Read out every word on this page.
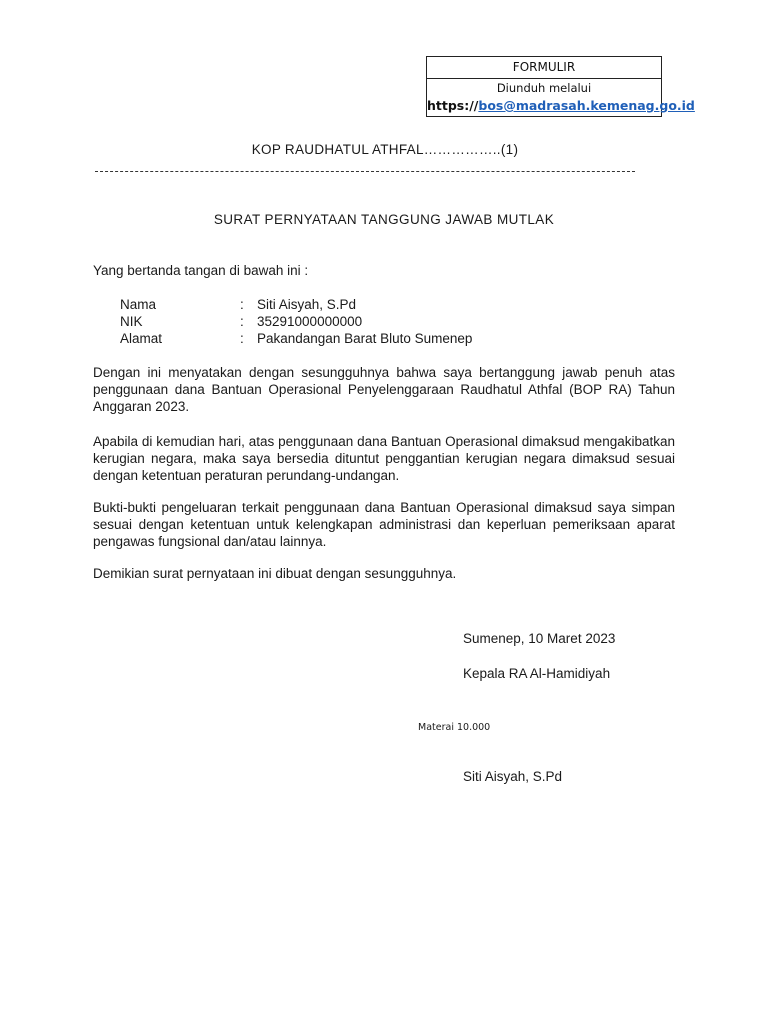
FORMULIR
Diunduh melalui
https://bos@madrasah.kemenag.go.id
KOP RAUDHATUL ATHFAL……………..(1)
SURAT PERNYATAAN TANGGUNG JAWAB MUTLAK
Yang bertanda tangan di bawah ini :
Nama	: Siti Aisyah, S.Pd
NIK	: 35291000000000
Alamat	: Pakandangan Barat Bluto Sumenep
Dengan ini menyatakan dengan sesungguhnya bahwa saya bertanggung jawab penuh atas penggunaan dana Bantuan Operasional Penyelenggaraan Raudhatul Athfal (BOP RA) Tahun Anggaran 2023.
Apabila di kemudian hari, atas penggunaan dana Bantuan Operasional dimaksud mengakibatkan kerugian negara, maka saya bersedia dituntut penggantian kerugian negara dimaksud sesuai dengan ketentuan peraturan perundang-undangan.
Bukti-bukti pengeluaran terkait penggunaan dana Bantuan Operasional dimaksud saya simpan sesuai dengan ketentuan untuk kelengkapan administrasi dan keperluan pemeriksaan aparat pengawas fungsional dan/atau lainnya.
Demikian surat pernyataan ini dibuat dengan sesungguhnya.
Sumenep, 10 Maret 2023
Kepala RA Al-Hamidiyah
Materai 10.000
Siti Aisyah, S.Pd
